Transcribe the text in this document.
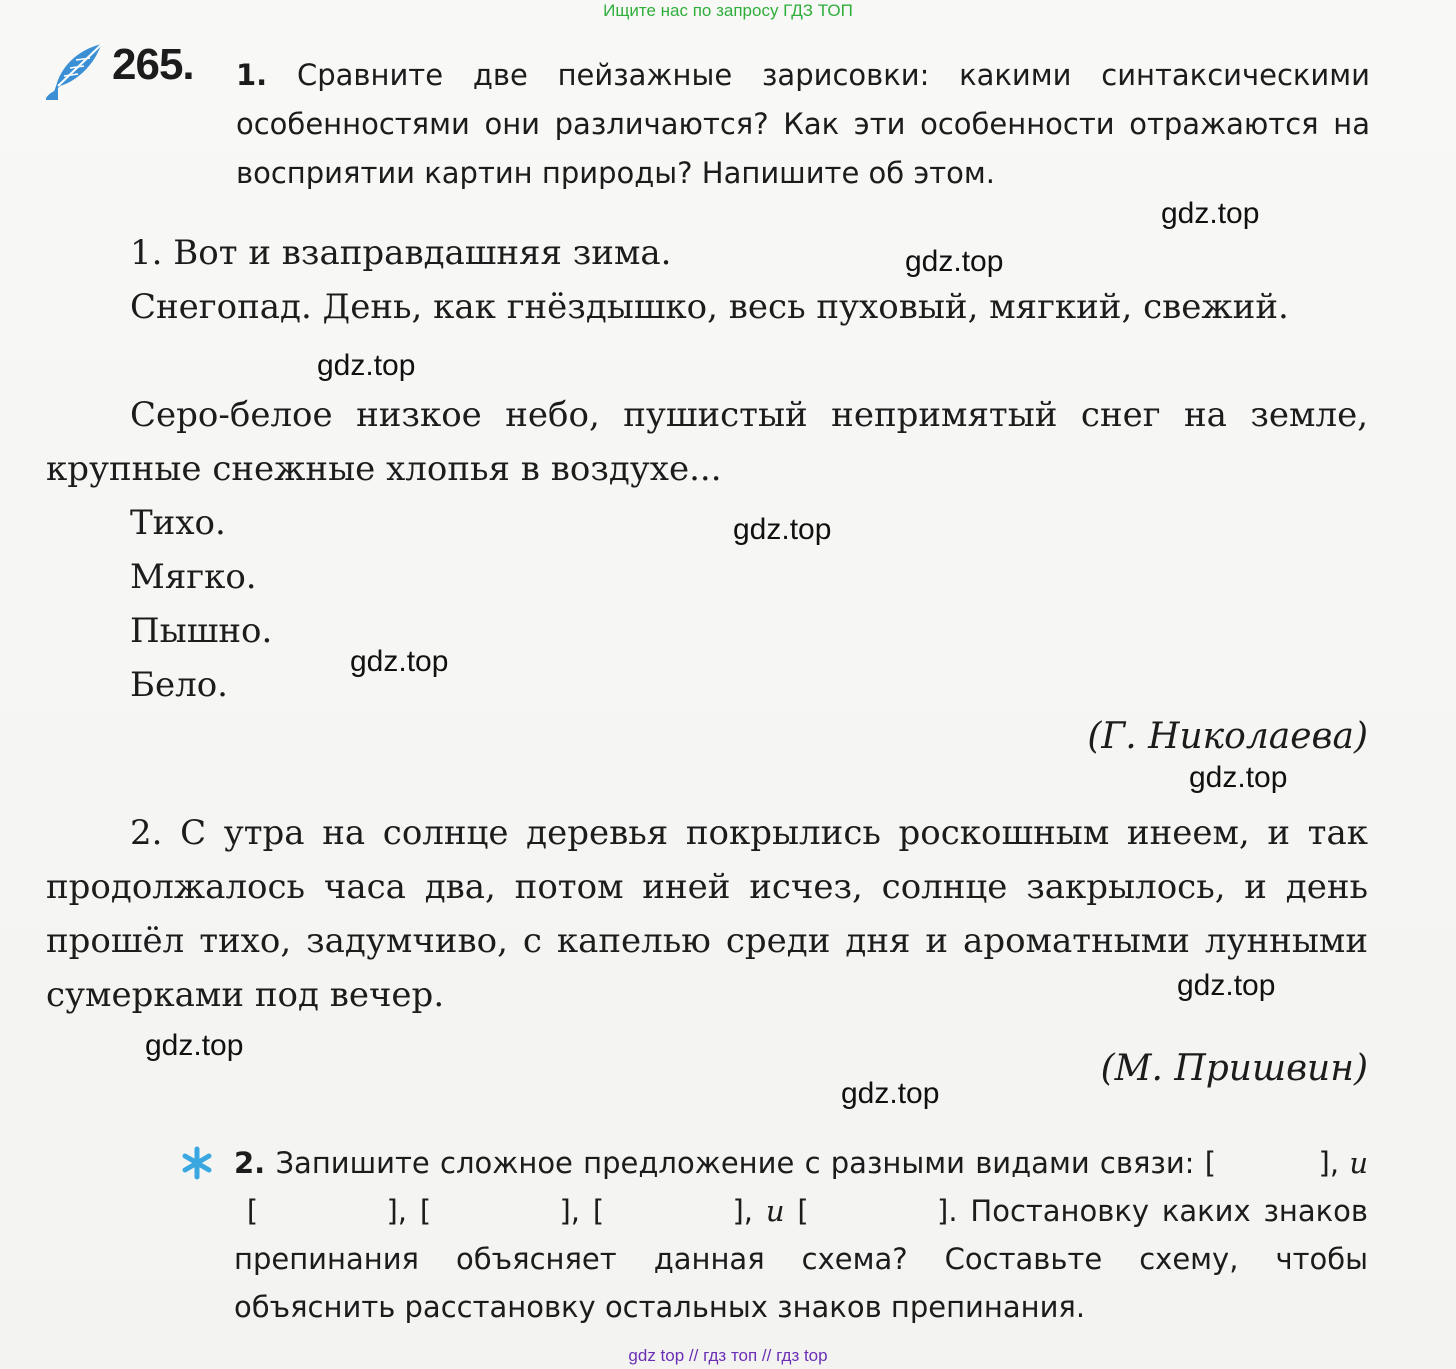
Ищите нас по запросу ГДЗ ТОП
265. 1. Сравните две пейзажные зарисовки: какими синтаксическими особенностями они различаются? Как эти особенности отражаются на восприятии картин природы? Напишите об этом.
1. Вот и взаправдашняя зима.
Снегопад. День, как гнёздышко, весь пуховый, мягкий, свежий.
Серо-белое низкое небо, пушистый непримятый снег на земле, крупные снежные хлопья в воздухе...
Тихо.
Мягко.
Пышно.
Бело.
(Г. Николаева)
2. С утра на солнце деревья покрылись роскошным инеем, и так продолжалось часа два, потом иней исчез, солнце закрылось, и день прошёл тихо, задумчиво, с капелью среди дня и ароматными лунными сумерками под вечер.
(М. Пришвин)
2. Запишите сложное предложение с разными видами связи: [          ], и [          ], [          ], [          ], и [          ]. Постановку каких знаков препинания объясняет данная схема? Составьте схему, чтобы объяснить расстановку остальных знаков препинания.
gdz.top
gdz.top
gdz.top
gdz.top
gdz.top
gdz.top
gdz.top
gdz.top
gdz.top
gdz top // гдз топ // гдз top
